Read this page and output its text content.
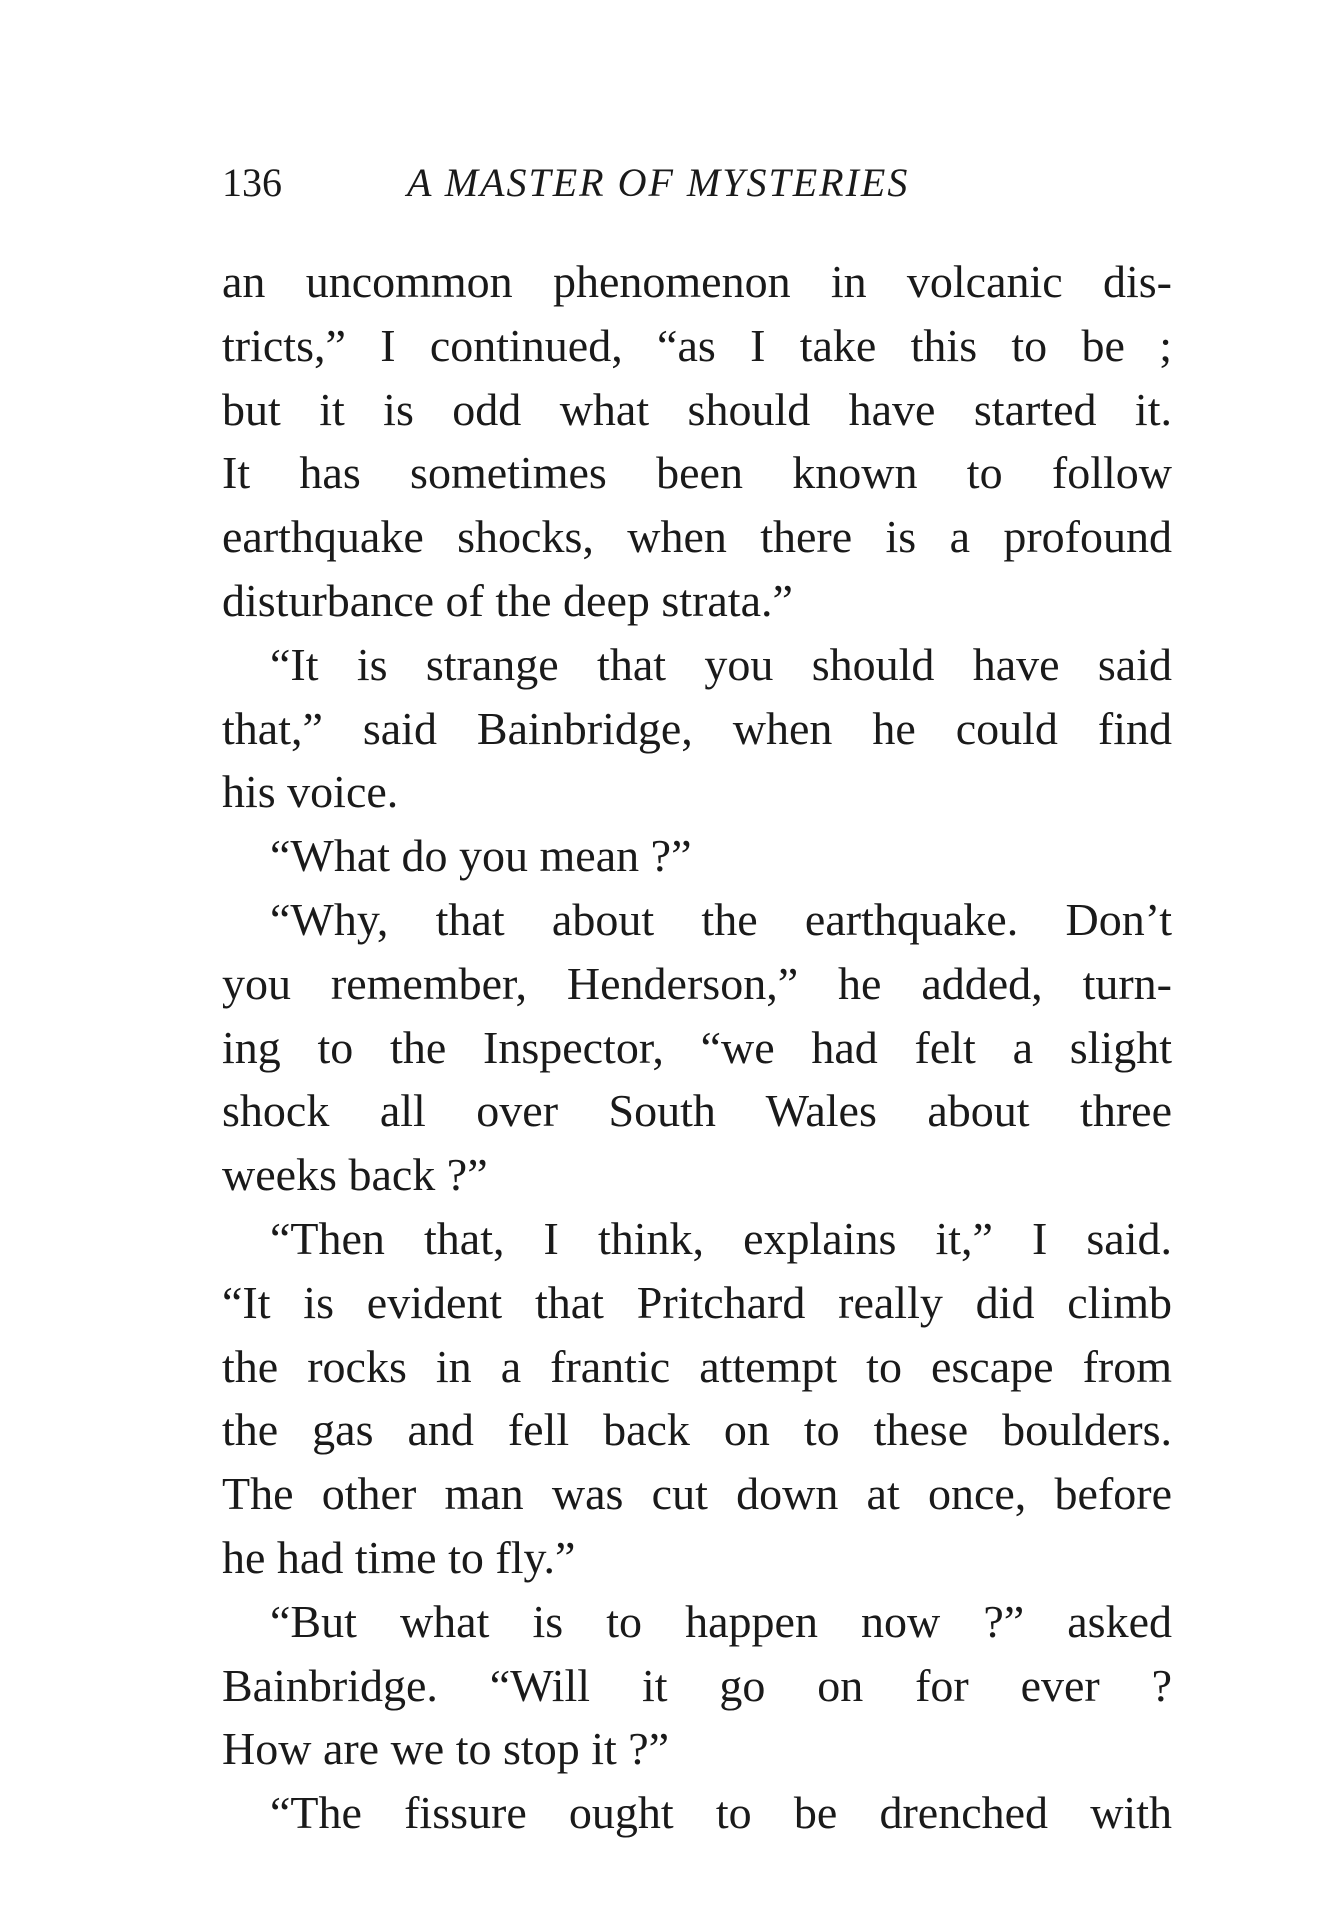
136	A MASTER OF MYSTERIES
an uncommon phenomenon in volcanic dis-
tricts,” I continued, “as I take this to be ;
but it is odd what should have started it.
It has sometimes been known to follow
earthquake shocks, when there is a profound
disturbance of the deep strata.”
“It is strange that you should have said
that,” said Bainbridge, when he could find
his voice.
“What do you mean ?”
“Why, that about the earthquake. Don’t
you remember, Henderson,” he added, turn-
ing to the Inspector, “we had felt a slight
shock all over South Wales about three
weeks back ?”
“Then that, I think, explains it,” I said.
“It is evident that Pritchard really did climb
the rocks in a frantic attempt to escape from
the gas and fell back on to these boulders.
The other man was cut down at once, before
he had time to fly.”
“But what is to happen now ?” asked
Bainbridge. “Will it go on for ever ?
How are we to stop it ?”
“The fissure ought to be drenched with
